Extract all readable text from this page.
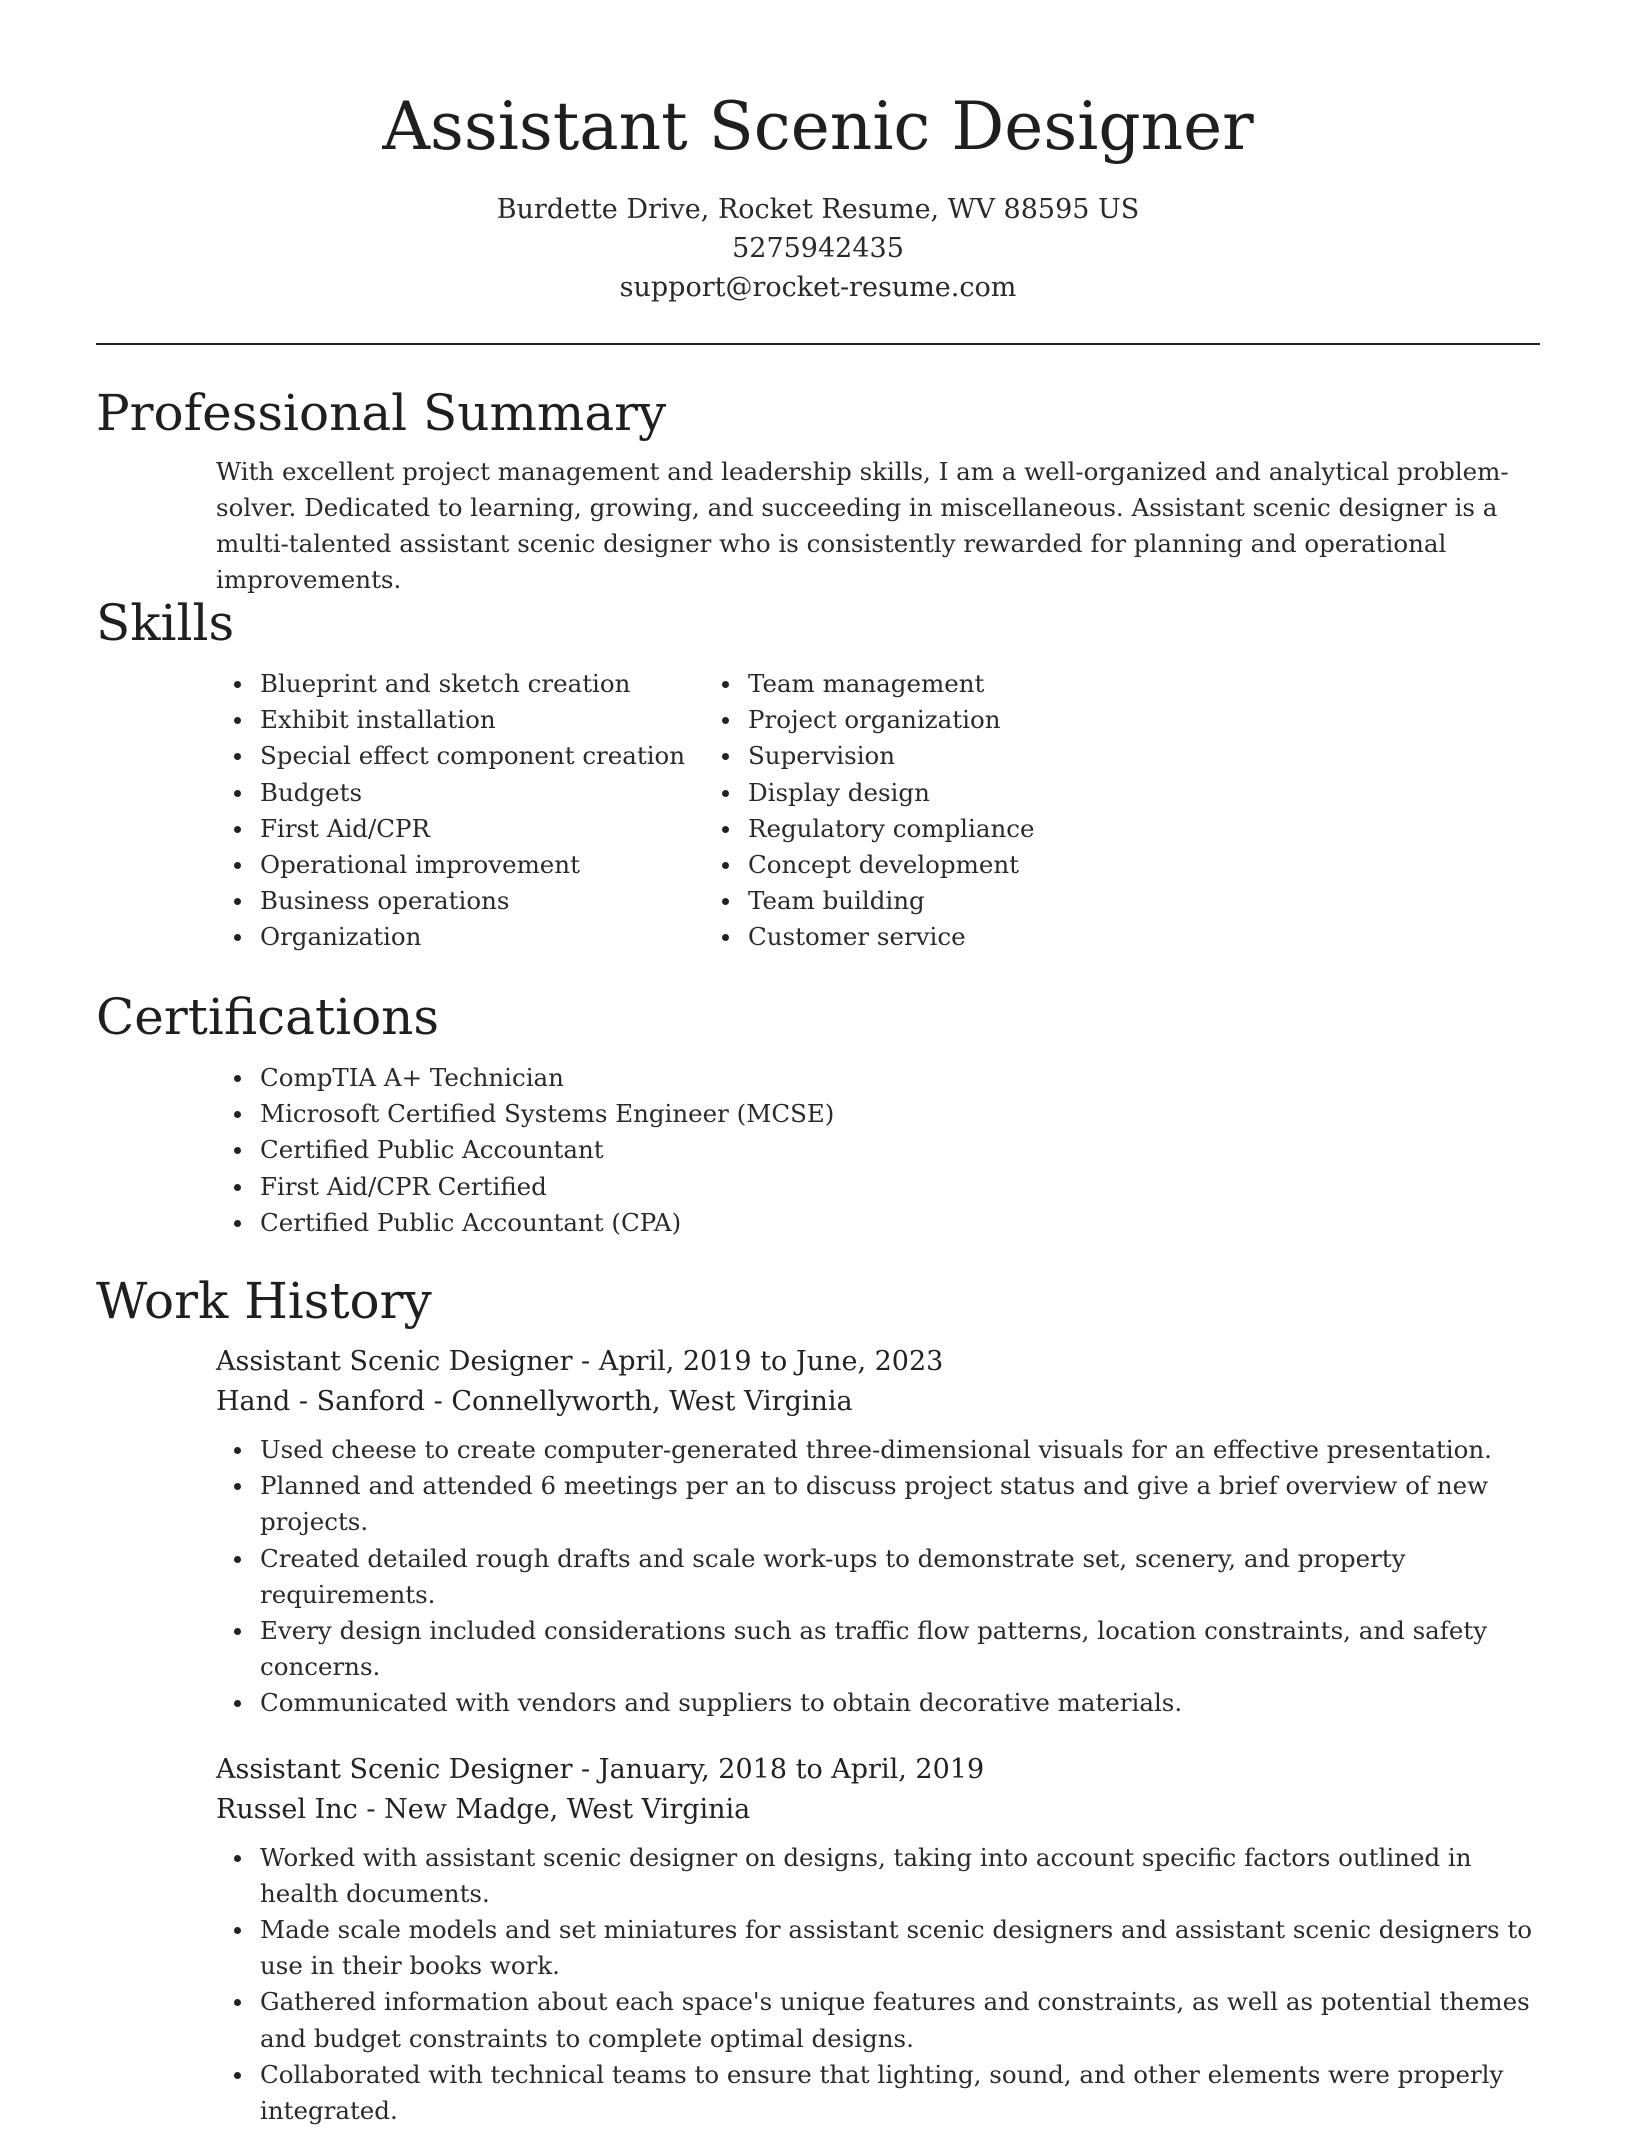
Assistant Scenic Designer
Burdette Drive, Rocket Resume, WV 88595 US
5275942435
support@rocket-resume.com
Professional Summary

With excellent project management and leadership skills, I am a well-organized and analytical problem-solver. Dedicated to learning, growing, and succeeding in miscellaneous. Assistant scenic designer is a multi-talented assistant scenic designer who is consistently rewarded for planning and operational improvements.

Skills
Blueprint and sketch creation
Exhibit installation
Special effect component creation
Budgets
First Aid/CPR
Operational improvement
Business operations
Organization
Team management
Project organization
Supervision
Display design
Regulatory compliance
Concept development
Team building
Customer service
Certifications
CompTIA A+ Technician
Microsoft Certified Systems Engineer (MCSE)
Certified Public Accountant
First Aid/CPR Certified
Certified Public Accountant (CPA)
Work History
Assistant Scenic Designer - April, 2019 to June, 2023
Hand - Sanford - Connellyworth, West Virginia
Used cheese to create computer-generated three-dimensional visuals for an effective presentation.
Planned and attended 6 meetings per an to discuss project status and give a brief overview of new projects.
Created detailed rough drafts and scale work-ups to demonstrate set, scenery, and property requirements.
Every design included considerations such as traffic flow patterns, location constraints, and safety concerns.
Communicated with vendors and suppliers to obtain decorative materials.
Assistant Scenic Designer - January, 2018 to April, 2019
Russel Inc - New Madge, West Virginia
Worked with assistant scenic designer on designs, taking into account specific factors outlined in health documents.
Made scale models and set miniatures for assistant scenic designers and assistant scenic designers to use in their books work.
Gathered information about each space's unique features and constraints, as well as potential themes and budget constraints to complete optimal designs.
Collaborated with technical teams to ensure that lighting, sound, and other elements were properly integrated.
